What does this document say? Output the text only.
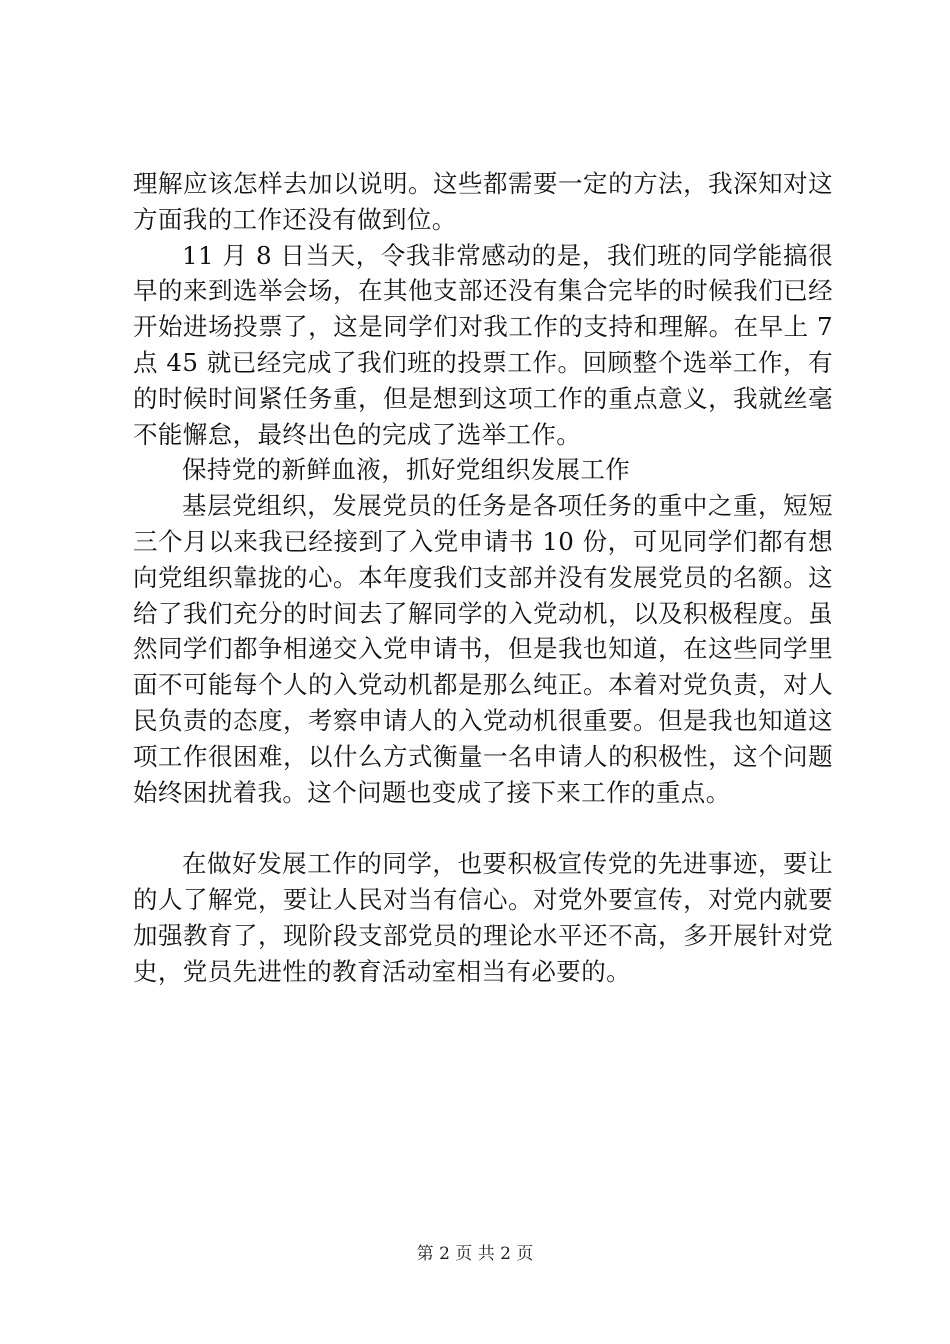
理解应该怎样去加以说明。这些都需要一定的方法，我深知对这方面我的工作还没有做到位。

11 月 8 日当天，令我非常感动的是，我们班的同学能搞很早的来到选举会场，在其他支部还没有集合完毕的时候我们已经开始进场投票了，这是同学们对我工作的支持和理解。在早上 7 点 45 就已经完成了我们班的投票工作。回顾整个选举工作，有的时候时间紧任务重，但是想到这项工作的重点意义，我就丝毫不能懈怠，最终出色的完成了选举工作。

保持党的新鲜血液，抓好党组织发展工作

基层党组织，发展党员的任务是各项任务的重中之重，短短三个月以来我已经接到了入党申请书 10 份，可见同学们都有想向党组织靠拢的心。本年度我们支部并没有发展党员的名额。这给了我们充分的时间去了解同学的入党动机，以及积极程度。虽然同学们都争相递交入党申请书，但是我也知道，在这些同学里面不可能每个人的入党动机都是那么纯正。本着对党负责，对人民负责的态度，考察申请人的入党动机很重要。但是我也知道这项工作很困难，以什么方式衡量一名申请人的积极性，这个问题始终困扰着我。这个问题也变成了接下来工作的重点。

在做好发展工作的同学，也要积极宣传党的先进事迹，要让的人了解党，要让人民对当有信心。对党外要宣传，对党内就要加强教育了，现阶段支部党员的理论水平还不高，多开展针对党史，党员先进性的教育活动室相当有必要的。

第 2 页 共 2 页
